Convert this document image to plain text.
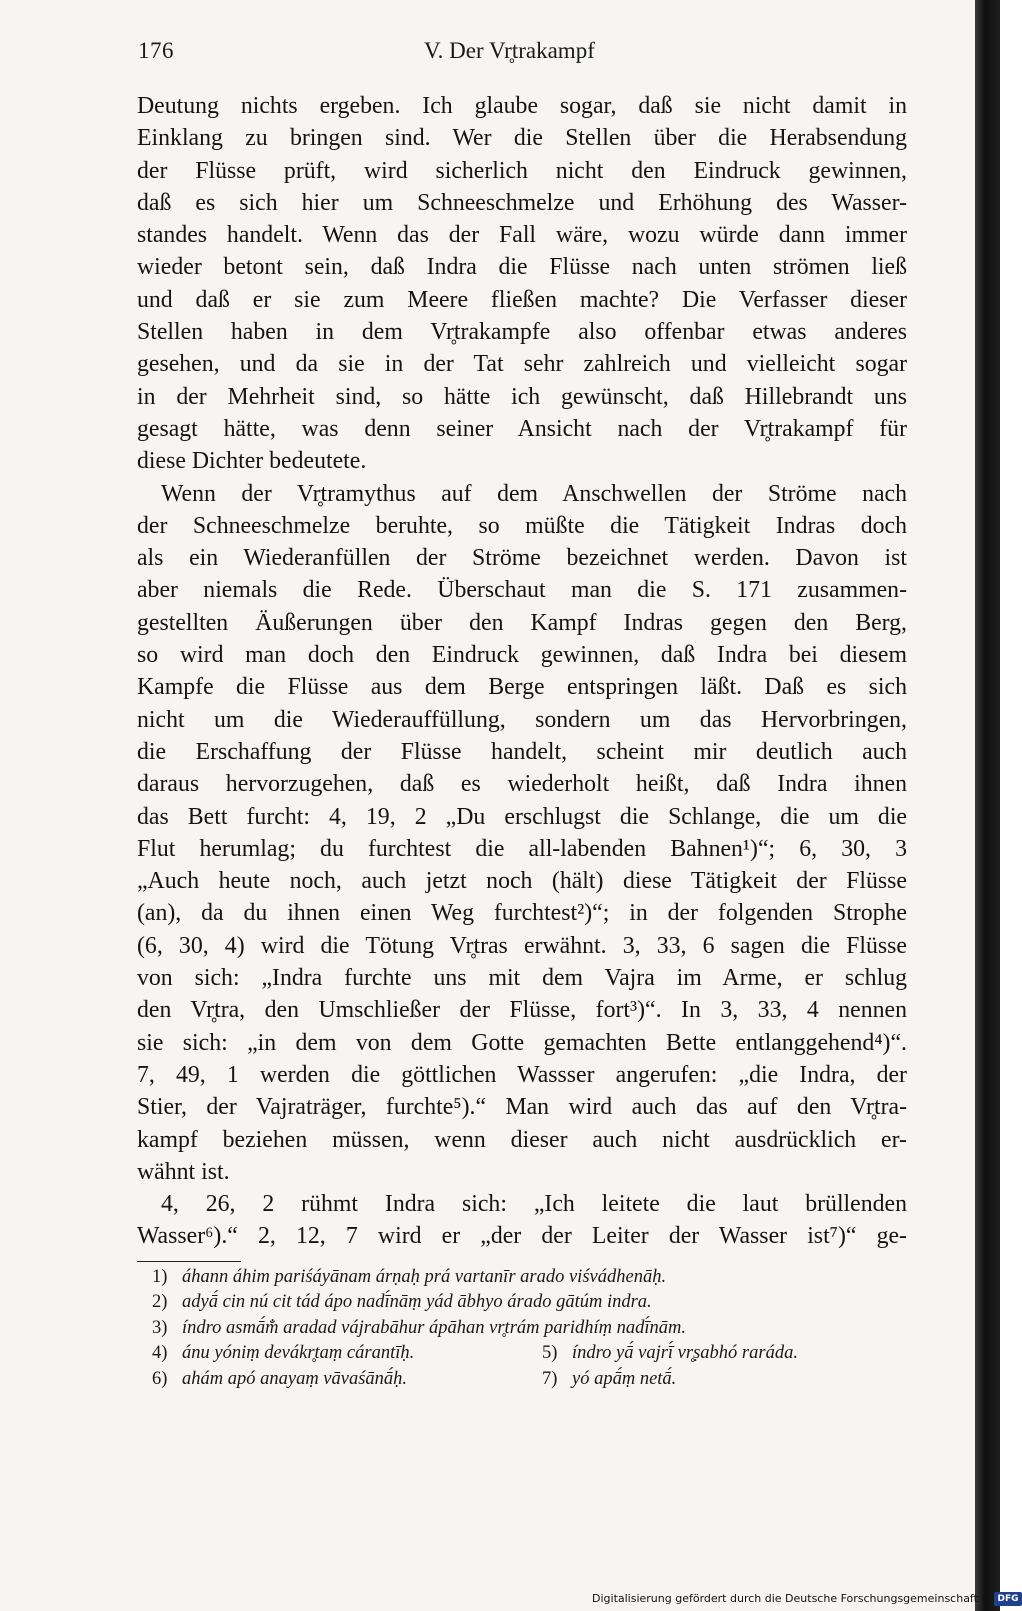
176	V. Der Vr̥trakampf
Deutung nichts ergeben. Ich glaube sogar, daß sie nicht damit in
Einklang zu bringen sind. Wer die Stellen über die Herabsendung
der Flüsse prüft, wird sicherlich nicht den Eindruck gewinnen,
daß es sich hier um Schneeschmelze und Erhöhung des Wasser-
standes handelt. Wenn das der Fall wäre, wozu würde dann immer
wieder betont sein, daß Indra die Flüsse nach unten strömen ließ
und daß er sie zum Meere fließen machte? Die Verfasser dieser
Stellen haben in dem Vr̥trakampfe also offenbar etwas anderes
gesehen, und da sie in der Tat sehr zahlreich und vielleicht sogar
in der Mehrheit sind, so hätte ich gewünscht, daß Hillebrandt uns
gesagt hätte, was denn seiner Ansicht nach der Vr̥trakampf für
diese Dichter bedeutete.
Wenn der Vr̥tramythus auf dem Anschwellen der Ströme nach
der Schneeschmelze beruhte, so müßte die Tätigkeit Indras doch
als ein Wiederanfüllen der Ströme bezeichnet werden. Davon ist
aber niemals die Rede. Überschaut man die S. 171 zusammen-
gestellten Äußerungen über den Kampf Indras gegen den Berg,
so wird man doch den Eindruck gewinnen, daß Indra bei diesem
Kampfe die Flüsse aus dem Berge entspringen läßt. Daß es sich
nicht um die Wiederauffüllung, sondern um das Hervorbringen,
die Erschaffung der Flüsse handelt, scheint mir deutlich auch
daraus hervorzugehen, daß es wiederholt heißt, daß Indra ihnen
das Bett furcht: 4, 19, 2 „Du erschlugst die Schlange, die um die
Flut herumlag; du furchtest die all-labenden Bahnen¹)“; 6, 30, 3
„Auch heute noch, auch jetzt noch (hält) diese Tätigkeit der Flüsse
(an), da du ihnen einen Weg furchtest²)“; in der folgenden Strophe
(6, 30, 4) wird die Tötung Vr̥tras erwähnt. 3, 33, 6 sagen die Flüsse
von sich: „Indra furchte uns mit dem Vajra im Arme, er schlug
den Vr̥tra, den Umschließer der Flüsse, fort³)“. In 3, 33, 4 nennen
sie sich: „in dem von dem Gotte gemachten Bette entlanggehend⁴)“.
7, 49, 1 werden die göttlichen Wassser angerufen: „die Indra, der
Stier, der Vajraträger, furchte⁵).“ Man wird auch das auf den Vr̥tra-
kampf beziehen müssen, wenn dieser auch nicht ausdrücklich er-
wähnt ist.
4, 26, 2 rühmt Indra sich: „Ich leitete die laut brüllenden
Wasser⁶).“ 2, 12, 7 wird er „der der Leiter der Wasser ist⁷)“ ge-
1) áhann áhim pariśáyānam árṇaḥ prá vartanīr arado viśvádhenāḥ.
2) adyā́ cin nú cit tád ápo nadī́nāṃ yád ābhyo árado gātúm indra.
3) índro asmā́m̐ aradad vájrabāhur ápāhan vr̥trám paridhíṃ nadī́nām.
4) ánu yóniṃ devákr̥taṃ cárantīḥ.	5) índro yā́ vajrī́ vr̥ṣabhó raráda.
6) ahám apó anayaṃ vāvaśānā́ḥ.	7) yó apā́ṃ netā́.
Digitalisierung gefördert durch die Deutsche Forschungsgemeinschaft - DFG
